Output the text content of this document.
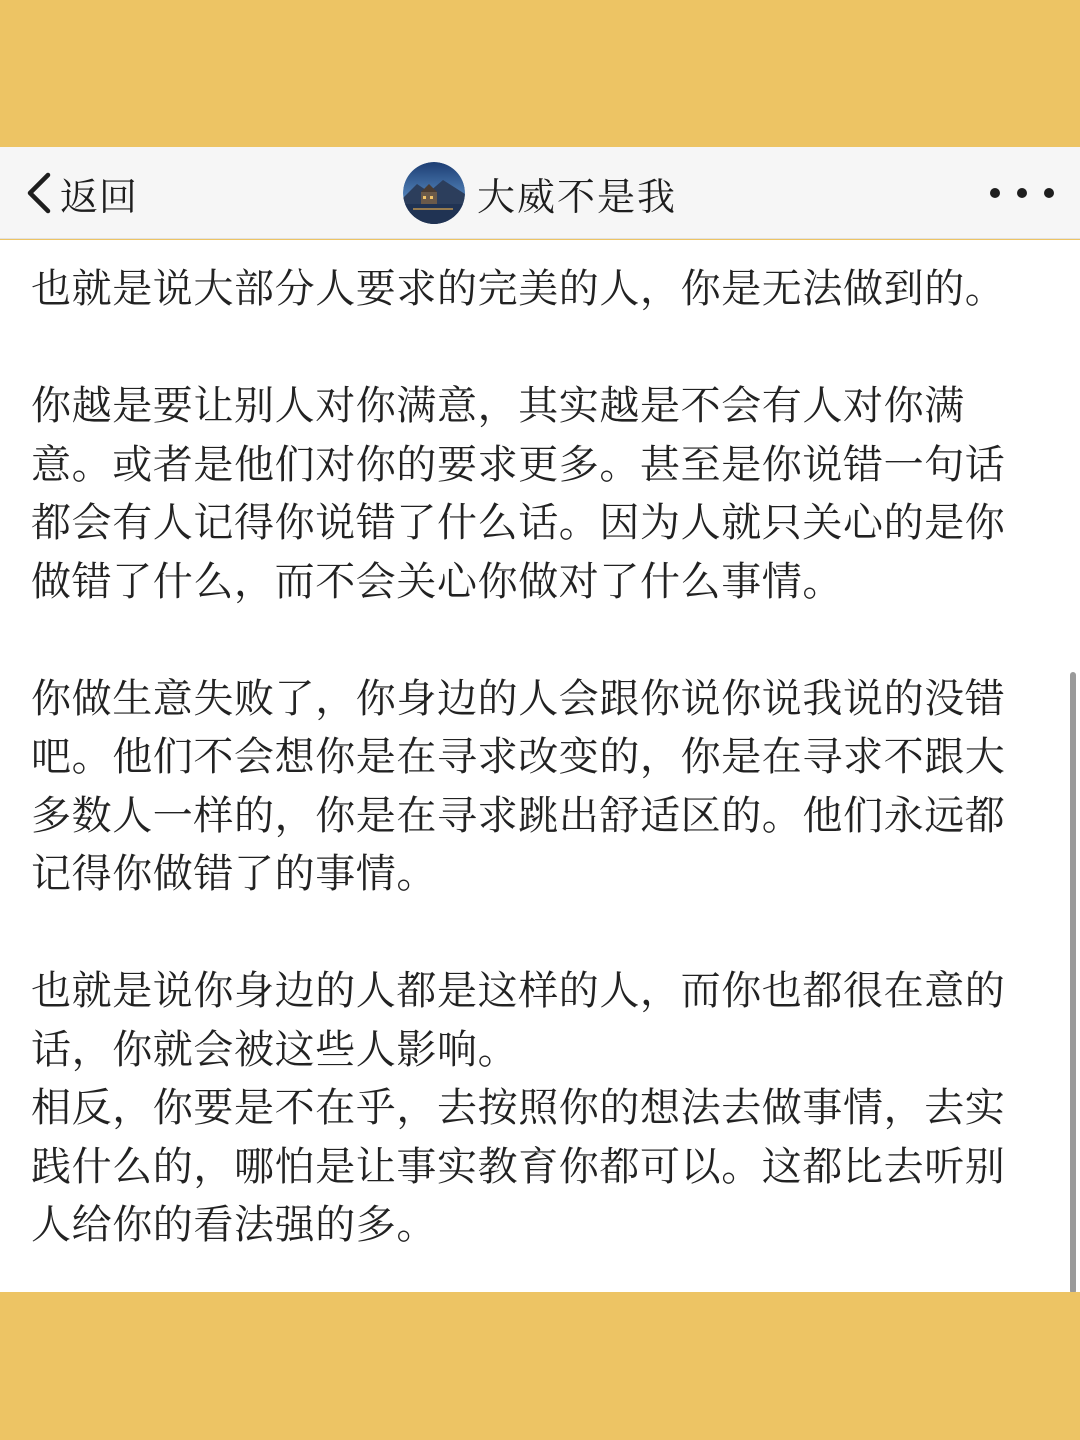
返回	大威不是我

也就是说大部分人要求的完美的人，你是无法做到的。

你越是要让别人对你满意，其实越是不会有人对你满意。或者是他们对你的要求更多。甚至是你说错一句话都会有人记得你说错了什么话。因为人就只关心的是你做错了什么，而不会关心你做对了什么事情。

你做生意失败了，你身边的人会跟你说你说我说的没错吧。他们不会想你是在寻求改变的，你是在寻求不跟大多数人一样的，你是在寻求跳出舒适区的。他们永远都记得你做错了的事情。

也就是说你身边的人都是这样的人，而你也都很在意的话，你就会被这些人影响。

相反，你要是不在乎，去按照你的想法去做事情，去实践什么的，哪怕是让事实教育你都可以。这都比去听别人给你的看法强的多。
